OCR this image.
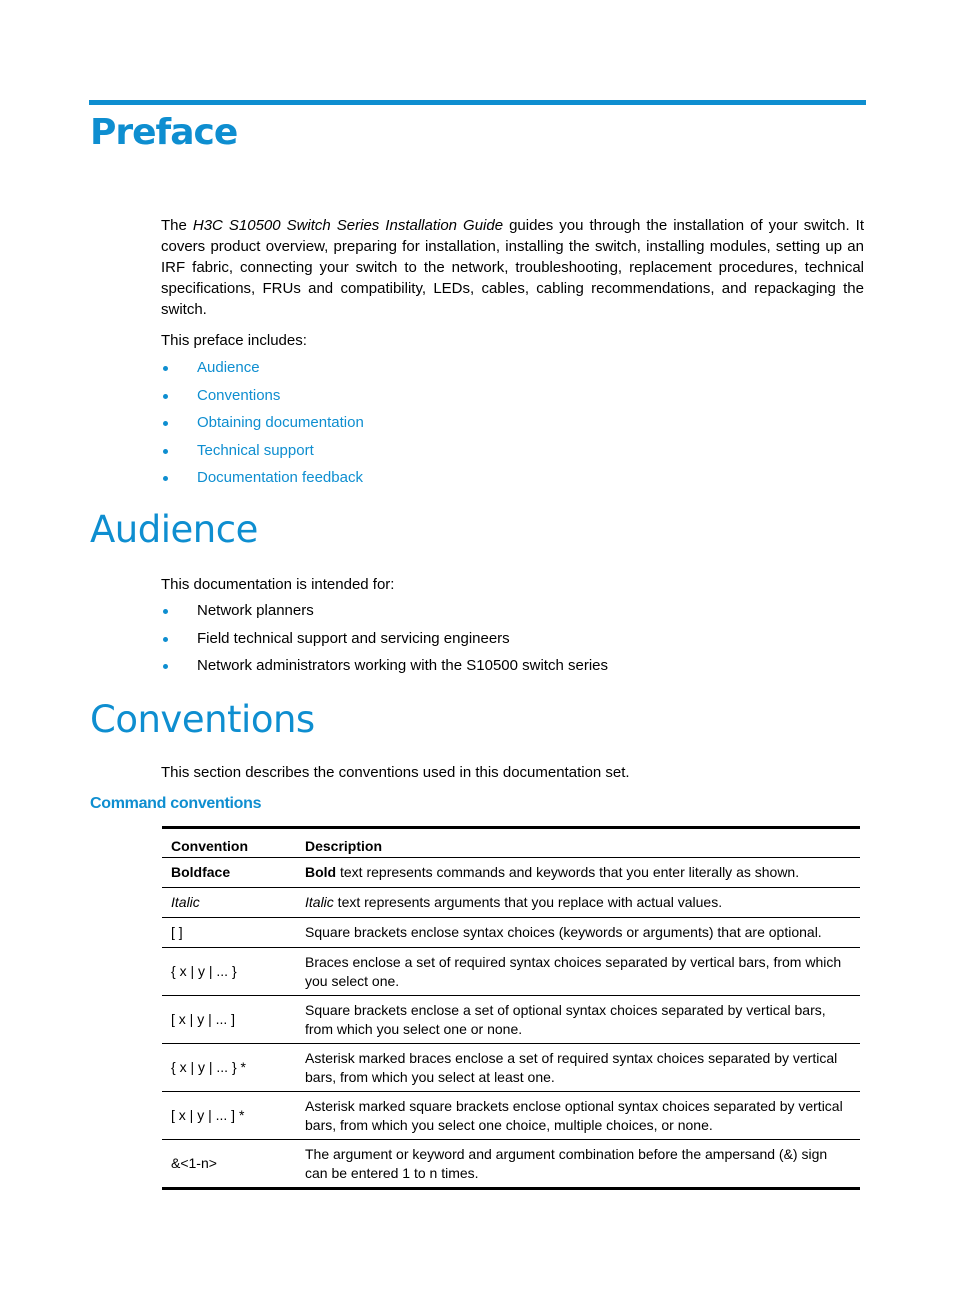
Preface

The H3C S10500 Switch Series Installation Guide guides you through the installation of your switch. It covers product overview, preparing for installation, installing the switch, installing modules, setting up an IRF fabric, connecting your switch to the network, troubleshooting, replacement procedures, technical specifications, FRUs and compatibility, LEDs, cables, cabling recommendations, and repackaging the switch.

This preface includes:

Audience
Conventions
Obtaining documentation
Technical support
Documentation feedback
Audience

This documentation is intended for:

Network planners
Field technical support and servicing engineers
Network administrators working with the S10500 switch series
Conventions

This section describes the conventions used in this documentation set.

Command conventions
Convention	Description
Boldface	Bold text represents commands and keywords that you enter literally as shown.
Italic	Italic text represents arguments that you replace with actual values.
[ ]	Square brackets enclose syntax choices (keywords or arguments) that are optional.
{ x | y | ... }	Braces enclose a set of required syntax choices separated by vertical bars, from which you select one.
[ x | y | ... ]	Square brackets enclose a set of optional syntax choices separated by vertical bars, from which you select one or none.
{ x | y | ... } *	Asterisk marked braces enclose a set of required syntax choices separated by vertical bars, from which you select at least one.
[ x | y | ... ] *	Asterisk marked square brackets enclose optional syntax choices separated by vertical bars, from which you select one choice, multiple choices, or none.
&<1-n>	The argument or keyword and argument combination before the ampersand (&) sign can be entered 1 to n times.
